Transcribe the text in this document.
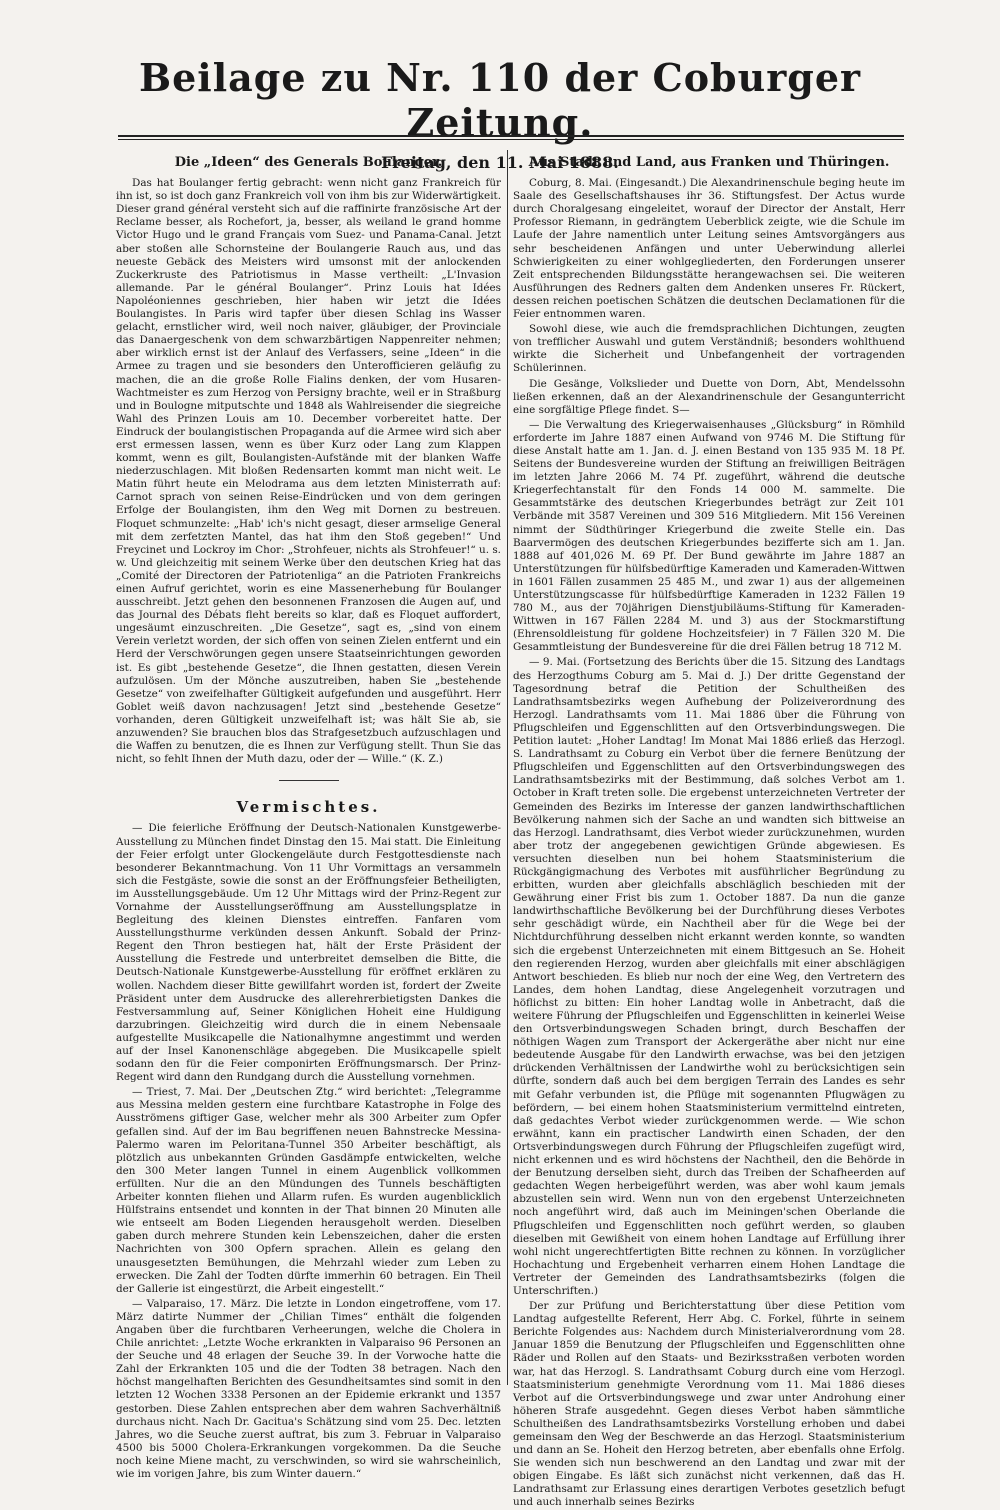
Beilage zu Nr. 110 der Coburger Zeitung.
Freitag, den 11. Mai 1888.
Die „Ideen“ des Generals Boulanger.

Das hat Boulanger fertig gebracht: wenn nicht ganz Frankreich für ihn ist, so ist doch ganz Frankreich voll von ihm bis zur Widerwärtigkeit. Dieser grand général versteht sich auf die raffinirte französische Art der Reclame besser, als Rochefort, ja, besser, als weiland le grand homme Victor Hugo und le grand Français vom Suez- und Panama-Canal. Jetzt aber stoßen alle Schornsteine der Boulangerie Rauch aus, und das neueste Gebäck des Meisters wird umsonst mit der anlockenden Zuckerkruste des Patriotismus in Masse vertheilt: „L'Invasion allemande. Par le général Boulanger“. Prinz Louis hat Idées Napoléoniennes geschrieben, hier haben wir jetzt die Idées Boulangistes. In Paris wird tapfer über diesen Schlag ins Wasser gelacht, ernstlicher wird, weil noch naiver, gläubiger, der Provinciale das Danaergeschenk von dem schwarzbärtigen Nappenreiter nehmen; aber wirklich ernst ist der Anlauf des Verfassers, seine „Ideen“ in die Armee zu tragen und sie besonders den Unterofficieren geläufig zu machen, die an die große Rolle Fialins denken, der vom Husaren-Wachtmeister es zum Herzog von Persigny brachte, weil er in Straßburg und in Boulogne mitputschte und 1848 als Wahlreisender die siegreiche Wahl des Prinzen Louis am 10. December vorbereitet hatte. Der Eindruck der boulangistischen Propaganda auf die Armee wird sich aber erst ermessen lassen, wenn es über Kurz oder Lang zum Klappen kommt, wenn es gilt, Boulangisten-Aufstände mit der blanken Waffe niederzuschlagen. Mit bloßen Redensarten kommt man nicht weit. Le Matin führt heute ein Melodrama aus dem letzten Ministerrath auf: Carnot sprach von seinen Reise-Eindrücken und von dem geringen Erfolge der Boulangisten, ihm den Weg mit Dornen zu bestreuen. Floquet schmunzelte: „Hab' ich's nicht gesagt, dieser armselige General mit dem zerfetzten Mantel, das hat ihm den Stoß gegeben!“ Und Freycinet und Lockroy im Chor: „Strohfeuer, nichts als Strohfeuer!“ u. s. w. Und gleichzeitig mit seinem Werke über den deutschen Krieg hat das „Comité der Directoren der Patriotenliga“ an die Patrioten Frankreichs einen Aufruf gerichtet, worin es eine Massenerhebung für Boulanger ausschreibt. Jetzt gehen den besonnenen Franzosen die Augen auf, und das Journal des Débats fleht bereits so klar, daß es Floquet auffordert, ungesäumt einzuschreiten. „Die Gesetze“, sagt es, „sind von einem Verein verletzt worden, der sich offen von seinen Zielen entfernt und ein Herd der Verschwörungen gegen unsere Staatseinrichtungen geworden ist. Es gibt „bestehende Gesetze“, die Ihnen gestatten, diesen Verein aufzulösen. Um der Mönche auszutreiben, haben Sie „bestehende Gesetze“ von zweifelhafter Gültigkeit aufgefunden und ausgeführt. Herr Goblet weiß davon nachzusagen! Jetzt sind „bestehende Gesetze“ vorhanden, deren Gültigkeit unzweifelhaft ist; was hält Sie ab, sie anzuwenden? Sie brauchen blos das Strafgesetzbuch aufzuschlagen und die Waffen zu benutzen, die es Ihnen zur Verfügung stellt. Thun Sie das nicht, so fehlt Ihnen der Muth dazu, oder der — Wille.“ (K. Z.)

Vermischtes.

— Die feierliche Eröffnung der Deutsch-Nationalen Kunstgewerbe-Ausstellung zu München findet Dinstag den 15. Mai statt. Die Einleitung der Feier erfolgt unter Glockengeläute durch Festgottesdienste nach besonderer Bekanntmachung. Von 11 Uhr Vormittags an versammeln sich die Festgäste, sowie die sonst an der Eröffnungsfeier Betheiligten, im Ausstellungsgebäude. Um 12 Uhr Mittags wird der Prinz-Regent zur Vornahme der Ausstellungseröffnung am Ausstellungsplatze in Begleitung des kleinen Dienstes eintreffen. Fanfaren vom Ausstellungsthurme verkünden dessen Ankunft. Sobald der Prinz-Regent den Thron bestiegen hat, hält der Erste Präsident der Ausstellung die Festrede und unterbreitet demselben die Bitte, die Deutsch-Nationale Kunstgewerbe-Ausstellung für eröffnet erklären zu wollen. Nachdem dieser Bitte gewillfahrt worden ist, fordert der Zweite Präsident unter dem Ausdrucke des allerehrerbietigsten Dankes die Festversammlung auf, Seiner Königlichen Hoheit eine Huldigung darzubringen. Gleichzeitig wird durch die in einem Nebensaale aufgestellte Musikcapelle die Nationalhymne angestimmt und werden auf der Insel Kanonenschläge abgegeben. Die Musikcapelle spielt sodann den für die Feier componirten Eröffnungsmarsch. Der Prinz-Regent wird dann den Rundgang durch die Ausstellung vornehmen.

— Triest, 7. Mai. Der „Deutschen Ztg.“ wird berichtet: „Telegramme aus Messina melden gestern eine furchtbare Katastrophe in Folge des Ausströmens giftiger Gase, welcher mehr als 300 Arbeiter zum Opfer gefallen sind. Auf der im Bau begriffenen neuen Bahnstrecke Messina-Palermo waren im Peloritana-Tunnel 350 Arbeiter beschäftigt, als plötzlich aus unbekannten Gründen Gasdämpfe entwickelten, welche den 300 Meter langen Tunnel in einem Augenblick vollkommen erfüllten. Nur die an den Mündungen des Tunnels beschäftigten Arbeiter konnten fliehen und Allarm rufen. Es wurden augenblicklich Hülfstrains entsendet und konnten in der That binnen 20 Minuten alle wie entseelt am Boden Liegenden herausgeholt werden. Dieselben gaben durch mehrere Stunden kein Lebenszeichen, daher die ersten Nachrichten von 300 Opfern sprachen. Allein es gelang den unausgesetzten Bemühungen, die Mehrzahl wieder zum Leben zu erwecken. Die Zahl der Todten dürfte immerhin 60 betragen. Ein Theil der Gallerie ist eingestürzt, die Arbeit eingestellt.“

— Valparaiso, 17. März. Die letzte in London eingetroffene, vom 17. März datirte Nummer der „Chilian Times“ enthält die folgenden Angaben über die furchtbaren Verheerungen, welche die Cholera in Chile anrichtet: „Letzte Woche erkrankten in Valparaiso 96 Personen an der Seuche und 48 erlagen der Seuche 39. In der Vorwoche hatte die Zahl der Erkrankten 105 und die der Todten 38 betragen. Nach den höchst mangelhaften Berichten des Gesundheitsamtes sind somit in den letzten 12 Wochen 3338 Personen an der Epidemie erkrankt und 1357 gestorben. Diese Zahlen entsprechen aber dem wahren Sachverhältniß durchaus nicht. Nach Dr. Gacitua's Schätzung sind vom 25. Dec. letzten Jahres, wo die Seuche zuerst auftrat, bis zum 3. Februar in Valparaiso 4500 bis 5000 Cholera-Erkrankungen vorgekommen. Da die Seuche noch keine Miene macht, zu verschwinden, so wird sie wahrscheinlich, wie im vorigen Jahre, bis zum Winter dauern.“

Aus Stadt und Land, aus Franken und Thüringen.

Coburg, 8. Mai. (Eingesandt.) Die Alexandrinenschule beging heute im Saale des Gesellschaftshauses ihr 36. Stiftungsfest. Der Actus wurde durch Choralgesang eingeleitet, worauf der Director der Anstalt, Herr Professor Riemann, in gedrängtem Ueberblick zeigte, wie die Schule im Laufe der Jahre namentlich unter Leitung seines Amtsvorgängers aus sehr bescheidenen Anfängen und unter Ueberwindung allerlei Schwierigkeiten zu einer wohlgegliederten, den Forderungen unserer Zeit entsprechenden Bildungsstätte herangewachsen sei. Die weiteren Ausführungen des Redners galten dem Andenken unseres Fr. Rückert, dessen reichen poetischen Schätzen die deutschen Declamationen für die Feier entnommen waren.

Sowohl diese, wie auch die fremdsprachlichen Dichtungen, zeugten von trefflicher Auswahl und gutem Verständniß; besonders wohlthuend wirkte die Sicherheit und Unbefangenheit der vortragenden Schülerinnen.

Die Gesänge, Volkslieder und Duette von Dorn, Abt, Mendelssohn ließen erkennen, daß an der Alexandrinenschule der Gesangunterricht eine sorgfältige Pflege findet. S—

— Die Verwaltung des Kriegerwaisenhauses „Glücksburg“ in Römhild erforderte im Jahre 1887 einen Aufwand von 9746 M. Die Stiftung für diese Anstalt hatte am 1. Jan. d. J. einen Bestand von 135 935 M. 18 Pf. Seitens der Bundesvereine wurden der Stiftung an freiwilligen Beiträgen im letzten Jahre 2066 M. 74 Pf. zugeführt, während die deutsche Kriegerfechtanstalt für den Fonds 14 000 M. sammelte. Die Gesammtstärke des deutschen Kriegerbundes beträgt zur Zeit 101 Verbände mit 3587 Vereinen und 309 516 Mitgliedern. Mit 156 Vereinen nimmt der Südthüringer Kriegerbund die zweite Stelle ein. Das Baarvermögen des deutschen Kriegerbundes bezifferte sich am 1. Jan. 1888 auf 401,026 M. 69 Pf. Der Bund gewährte im Jahre 1887 an Unterstützungen für hülfsbedürftige Kameraden und Kameraden-Wittwen in 1601 Fällen zusammen 25 485 M., und zwar 1) aus der allgemeinen Unterstützungscasse für hülfsbedürftige Kameraden in 1232 Fällen 19 780 M., aus der 70jährigen Dienstjubiläums-Stiftung für Kameraden-Wittwen in 167 Fällen 2284 M. und 3) aus der Stockmarstiftung (Ehrensoldleistung für goldene Hochzeitsfeier) in 7 Fällen 320 M. Die Gesammtleistung der Bundesvereine für die drei Fällen betrug 18 712 M.

— 9. Mai. (Fortsetzung des Berichts über die 15. Sitzung des Landtags des Herzogthums Coburg am 5. Mai d. J.) Der dritte Gegenstand der Tagesordnung betraf die Petition der Schultheißen des Landrathsamtsbezirks wegen Aufhebung der Polizeiverordnung des Herzogl. Landrathsamts vom 11. Mai 1886 über die Führung von Pflugschleifen und Eggenschlitten auf den Ortsverbindungswegen. Die Petition lautet: „Hoher Landtag! Im Monat Mai 1886 erließ das Herzogl. S. Landrathsamt zu Coburg ein Verbot über die fernere Benützung der Pflugschleifen und Eggenschlitten auf den Ortsverbindungswegen des Landrathsamtsbezirks mit der Bestimmung, daß solches Verbot am 1. October in Kraft treten solle. Die ergebenst unterzeichneten Vertreter der Gemeinden des Bezirks im Interesse der ganzen landwirthschaftlichen Bevölkerung nahmen sich der Sache an und wandten sich bittweise an das Herzogl. Landrathsamt, dies Verbot wieder zurückzunehmen, wurden aber trotz der angegebenen gewichtigen Gründe abgewiesen. Es versuchten dieselben nun bei hohem Staatsministerium die Rückgängigmachung des Verbotes mit ausführlicher Begründung zu erbitten, wurden aber gleichfalls abschläglich beschieden mit der Gewährung einer Frist bis zum 1. October 1887. Da nun die ganze landwirthschaftliche Bevölkerung bei der Durchführung dieses Verbotes sehr geschädigt würde, ein Nachtheil aber für die Wege bei der Nichtdurchführung desselben nicht erkannt werden konnte, so wandten sich die ergebenst Unterzeichneten mit einem Bittgesuch an Se. Hoheit den regierenden Herzog, wurden aber gleichfalls mit einer abschlägigen Antwort beschieden. Es blieb nur noch der eine Weg, den Vertretern des Landes, dem hohen Landtag, diese Angelegenheit vorzutragen und höflichst zu bitten: Ein hoher Landtag wolle in Anbetracht, daß die weitere Führung der Pflugschleifen und Eggenschlitten in keinerlei Weise den Ortsverbindungswegen Schaden bringt, durch Beschaffen der nöthigen Wagen zum Transport der Ackergeräthe aber nicht nur eine bedeutende Ausgabe für den Landwirth erwachse, was bei den jetzigen drückenden Verhältnissen der Landwirthe wohl zu berücksichtigen sein dürfte, sondern daß auch bei dem bergigen Terrain des Landes es sehr mit Gefahr verbunden ist, die Pflüge mit sogenannten Pflugwägen zu befördern, — bei einem hohen Staatsministerium vermittelnd eintreten, daß gedachtes Verbot wieder zurückgenommen werde. — Wie schon erwähnt, kann ein practischer Landwirth einen Schaden, der den Ortsverbindungswegen durch Führung der Pflugschleifen zugefügt wird, nicht erkennen und es wird höchstens der Nachtheil, den die Behörde in der Benutzung derselben sieht, durch das Treiben der Schafheerden auf gedachten Wegen herbeigeführt werden, was aber wohl kaum jemals abzustellen sein wird. Wenn nun von den ergebenst Unterzeichneten noch angeführt wird, daß auch im Meiningen'schen Oberlande die Pflugschleifen und Eggenschlitten noch geführt werden, so glauben dieselben mit Gewißheit von einem hohen Landtage auf Erfüllung ihrer wohl nicht ungerechtfertigten Bitte rechnen zu können. In vorzüglicher Hochachtung und Ergebenheit verharren einem Hohen Landtage die Vertreter der Gemeinden des Landrathsamtsbezirks (folgen die Unterschriften.)

Der zur Prüfung und Berichterstattung über diese Petition vom Landtag aufgestellte Referent, Herr Abg. C. Forkel, führte in seinem Berichte Folgendes aus: Nachdem durch Ministerialverordnung vom 28. Januar 1859 die Benutzung der Pflugschleifen und Eggenschlitten ohne Räder und Rollen auf den Staats- und Bezirksstraßen verboten worden war, hat das Herzogl. S. Landrathsamt Coburg durch eine vom Herzogl. Staatsministerium genehmigte Verordnung vom 11. Mai 1886 dieses Verbot auf die Ortsverbindungswege und zwar unter Androhung einer höheren Strafe ausgedehnt. Gegen dieses Verbot haben sämmtliche Schultheißen des Landrathsamtsbezirks Vorstellung erhoben und dabei gemeinsam den Weg der Beschwerde an das Herzogl. Staatsministerium und dann an Se. Hoheit den Herzog betreten, aber ebenfalls ohne Erfolg. Sie wenden sich nun beschwerend an den Landtag und zwar mit der obigen Eingabe. Es läßt sich zunächst nicht verkennen, daß das H. Landrathsamt zur Erlassung eines derartigen Verbotes gesetzlich befugt und auch innerhalb seines Bezirks
